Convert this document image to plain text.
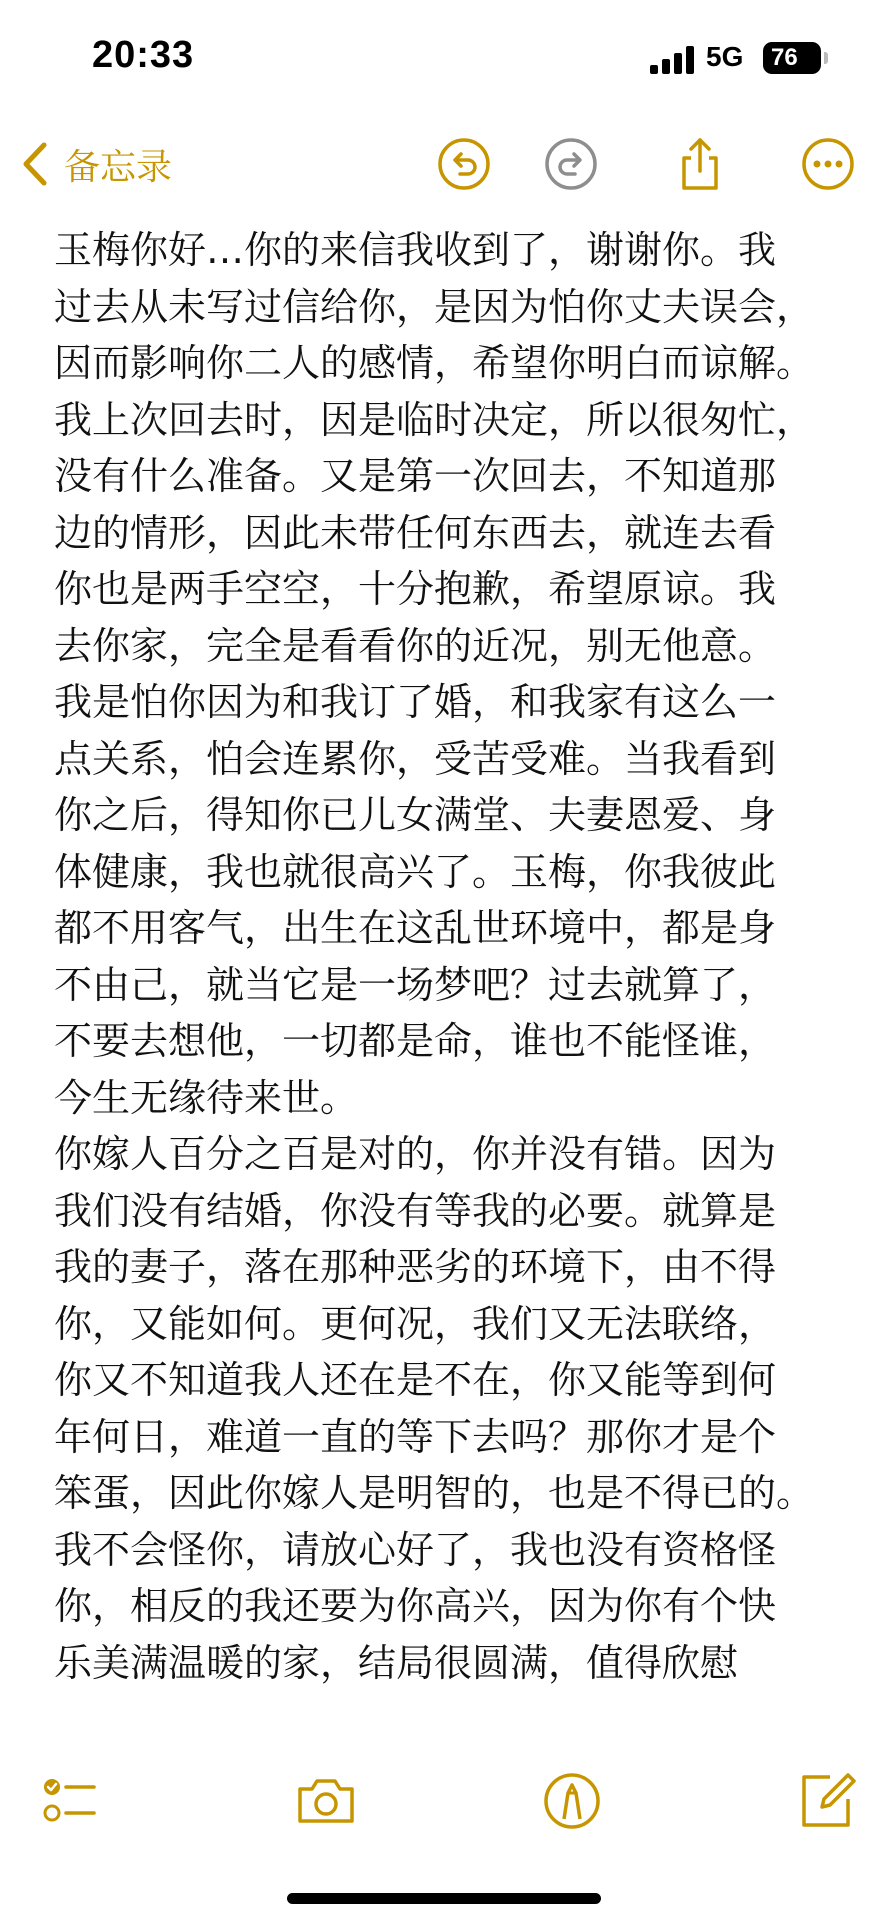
20:33	5G	76
备忘录

玉梅你好…你的来信我收到了，谢谢你。我

过去从未写过信给你，是因为怕你丈夫误会，

因而影响你二人的感情，希望你明白而谅解。

我上次回去时，因是临时决定，所以很匆忙，

没有什么准备。又是第一次回去，不知道那

边的情形，因此未带任何东西去，就连去看

你也是两手空空，十分抱歉，希望原谅。我

去你家，完全是看看你的近况，别无他意。

我是怕你因为和我订了婚，和我家有这么一

点关系，怕会连累你，受苦受难。当我看到

你之后，得知你已儿女满堂、夫妻恩爱、身

体健康，我也就很高兴了。玉梅，你我彼此

都不用客气，出生在这乱世环境中，都是身

不由己，就当它是一场梦吧？过去就算了，

不要去想他，一切都是命，谁也不能怪谁，

今生无缘待来世。

你嫁人百分之百是对的，你并没有错。因为

我们没有结婚，你没有等我的必要。就算是

我的妻子，落在那种恶劣的环境下，由不得

你，又能如何。更何况，我们又无法联络，

你又不知道我人还在是不在，你又能等到何

年何日，难道一直的等下去吗？那你才是个

笨蛋，因此你嫁人是明智的，也是不得已的。

我不会怪你，请放心好了，我也没有资格怪

你，相反的我还要为你高兴，因为你有个快

乐美满温暖的家，结局很圆满，值得欣慰
